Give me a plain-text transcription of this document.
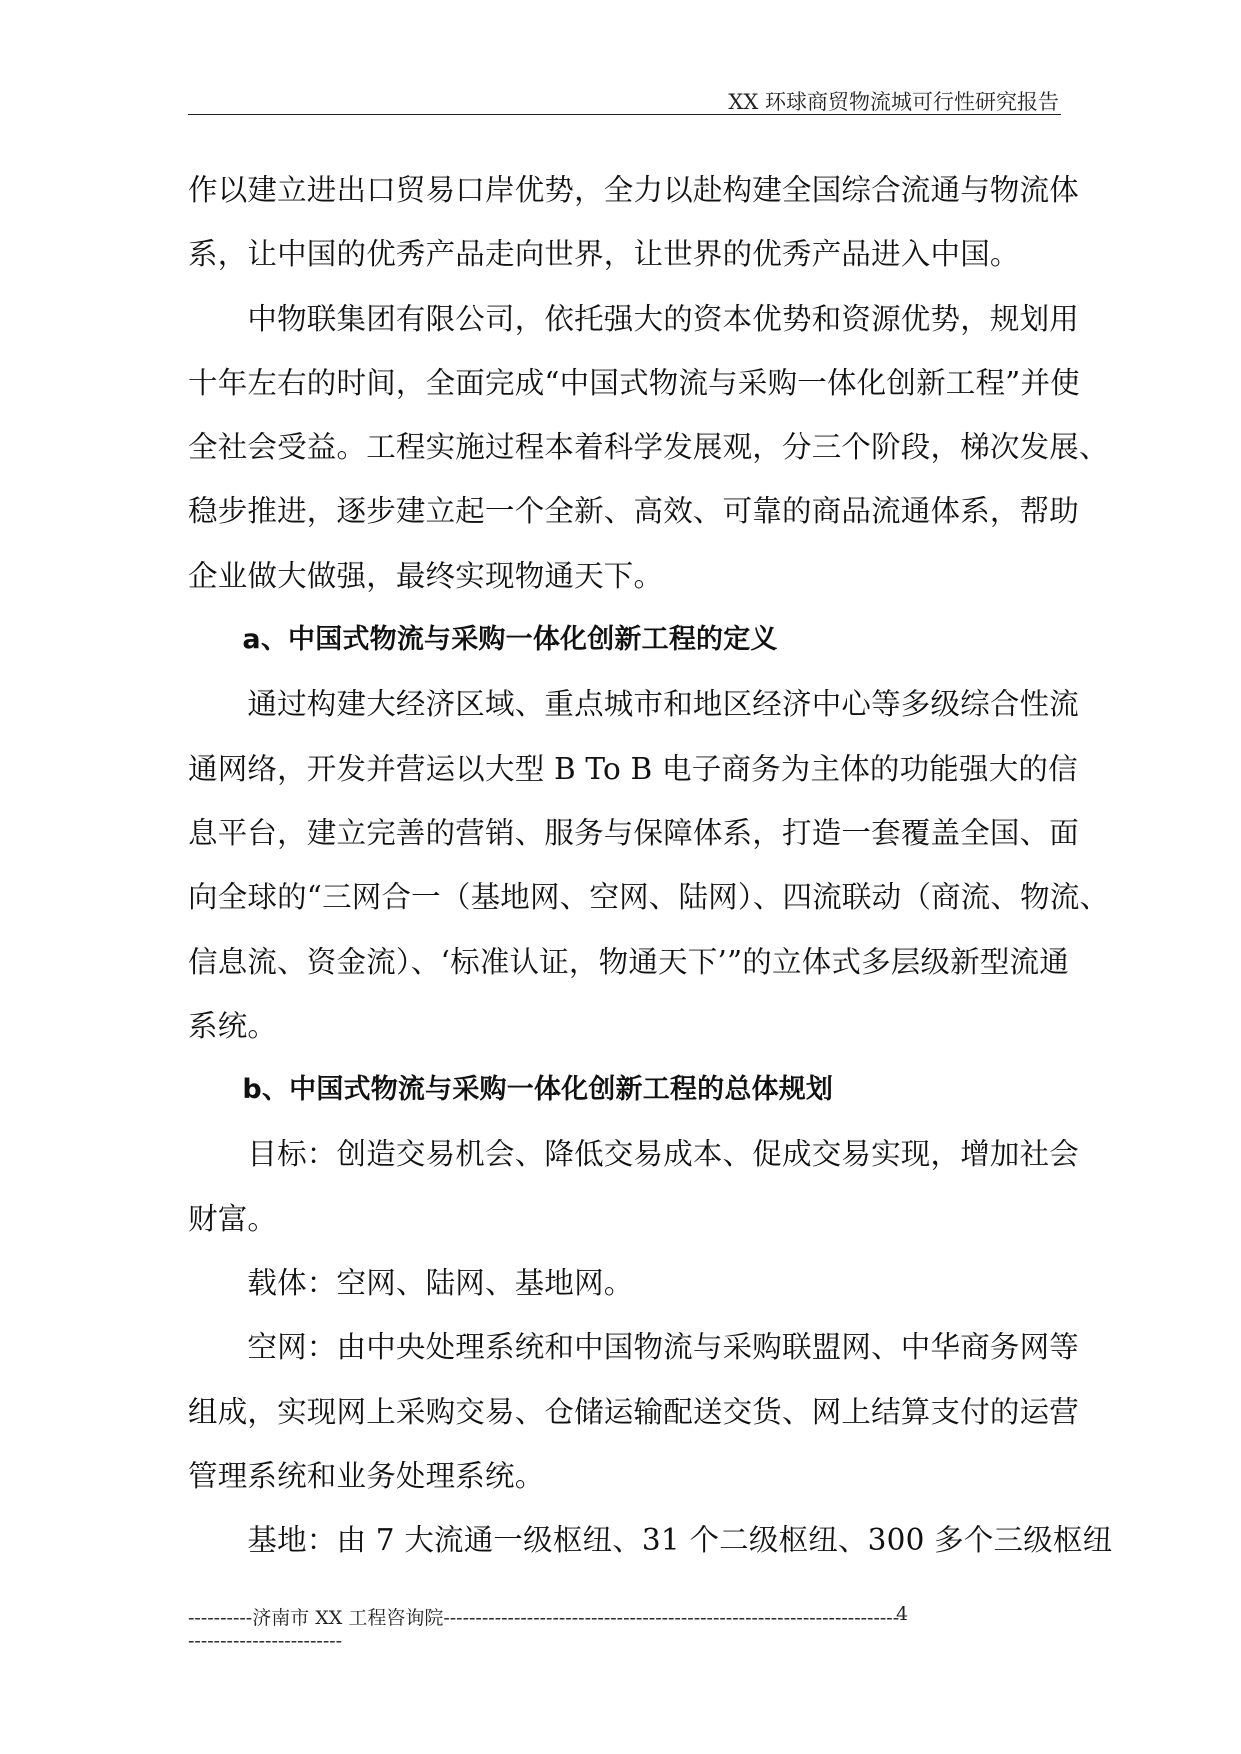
XX 环球商贸物流城可行性研究报告

作以建立进出口贸易口岸优势，全力以赴构建全国综合流通与物流体

系，让中国的优秀产品走向世界，让世界的优秀产品进入中国。

　　中物联集团有限公司，依托强大的资本优势和资源优势，规划用

十年左右的时间，全面完成“中国式物流与采购一体化创新工程”并使

全社会受益。工程实施过程本着科学发展观，分三个阶段，梯次发展、

稳步推进，逐步建立起一个全新、高效、可靠的商品流通体系，帮助

企业做大做强，最终实现物通天下。

　　a、中国式物流与采购一体化创新工程的定义

　　通过构建大经济区域、重点城市和地区经济中心等多级综合性流

通网络，开发并营运以大型 B To B 电子商务为主体的功能强大的信

息平台，建立完善的营销、服务与保障体系，打造一套覆盖全国、面

向全球的“三网合一（基地网、空网、陆网）、四流联动（商流、物流、

信息流、资金流）、‘标准认证，物通天下’”的立体式多层级新型流通

系统。

　　b、中国式物流与采购一体化创新工程的总体规划

　　目标：创造交易机会、降低交易成本、促成交易实现，增加社会

财富。

　　载体：空网、陆网、基地网。

　　空网：由中央处理系统和中国物流与采购联盟网、中华商务网等

组成，实现网上采购交易、仓储运输配送交货、网上结算支付的运营

管理系统和业务处理系统。

　　基地：由 7 大流通一级枢纽、31 个二级枢纽、300 多个三级枢纽

----------济南市 XX 工程咨询院-----------------------------------------------------------------------
4
------------------------
